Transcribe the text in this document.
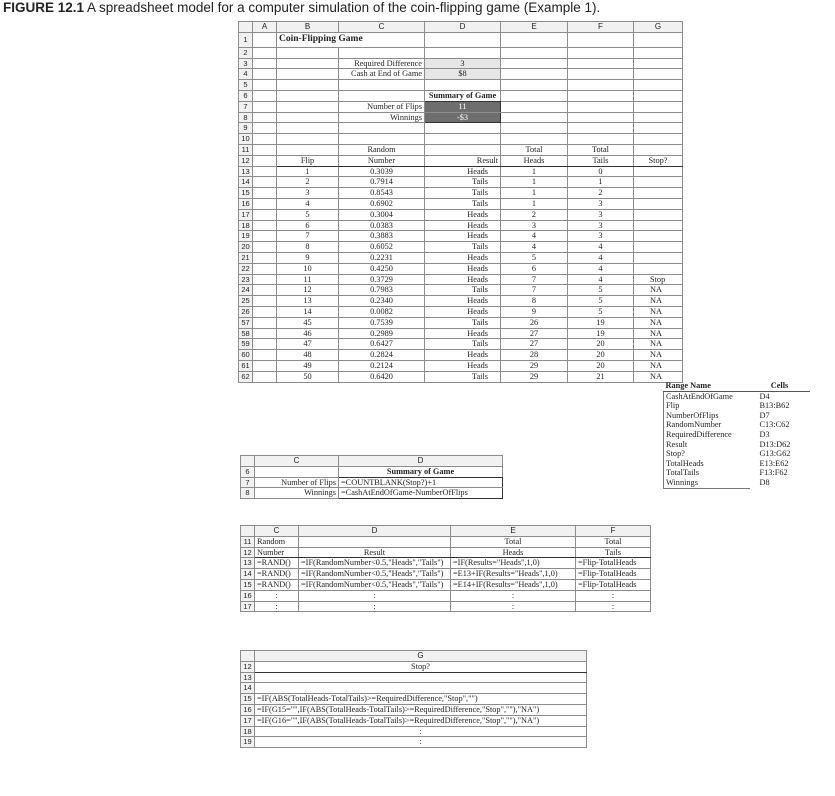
FIGURE 12.1 A spreadsheet model for a computer simulation of the coin-flipping game (Example 1).
	A	B	C	D	E	F	G
1		Coin-Flipping Game					
2							
3			Required Difference	3			
4			Cash at End of Game	$8			
5							
6				Summary of Game			
7			Number of Flips	11			
8			Winnings	-$3			
9							
10							
11			Random		Total	Total	
12		Flip	Number	Result	Heads	Tails	Stop?
13		1	0.3039	Heads	1	0	
14		2	0.7914	Tails	1	1	
15		3	0.8543	Tails	1	2	
16		4	0.6902	Tails	1	3	
17		5	0.3004	Heads	2	3	
18		6	0.0383	Heads	3	3	
19		7	0.3883	Heads	4	3	
20		8	0.6052	Tails	4	4	
21		9	0.2231	Heads	5	4	
22		10	0.4250	Heads	6	4	
23		11	0.3729	Heads	7	4	Stop
24		12	0.7983	Tails	7	5	NA
25		13	0.2340	Heads	8	5	NA
26		14	0.0082	Heads	9	5	NA
57		45	0.7539	Tails	26	19	NA
58		46	0.2989	Heads	27	19	NA
59		47	0.6427	Tails	27	20	NA
60		48	0.2824	Heads	28	20	NA
61		49	0.2124	Heads	29	20	NA
62		50	0.6420	Tails	29	21	NA
Range Name	Cells
CashAtEndOfGame	D4
Flip	B13:B62
NumberOfFlips	D7
RandomNumber	C13:C62
RequiredDifference	D3
Result	D13:D62
Stop?	G13:G62
TotalHeads	E13:E62
TotalTails	F13:F62
Winnings	D8
	C	D
6		Summary of Game
7	Number of Flips	=COUNTBLANK(Stop?)+1
8	Winnings	=CashAtEndOfGame-NumberOfFlips
	C	D	E	F
11	Random		Total	Total
12	Number	Result	Heads	Tails
13	=RAND()	=IF(RandomNumber<0.5,"Heads","Tails")	=IF(Results="Heads",1,0)	=Flip-TotalHeads
14	=RAND()	=IF(RandomNumber<0.5,"Heads","Tails")	=E13+IF(Results="Heads",1,0)	=Flip-TotalHeads
15	=RAND()	=IF(RandomNumber<0.5,"Heads","Tails")	=E14+IF(Results="Heads",1,0)	=Flip-TotalHeads
16	:	:	:	:
17	:	:	:	:
	G
12	Stop?
13	
14	
15	=IF(ABS(TotalHeads-TotalTails)>=RequiredDifference,"Stop","")
16	=IF(G15="",IF(ABS(TotalHeads-TotalTails)>=RequiredDifference,"Stop",""),"NA")
17	=IF(G16="",IF(ABS(TotalHeads-TotalTails)>=RequiredDifference,"Stop",""),"NA")
18	:
19	:
